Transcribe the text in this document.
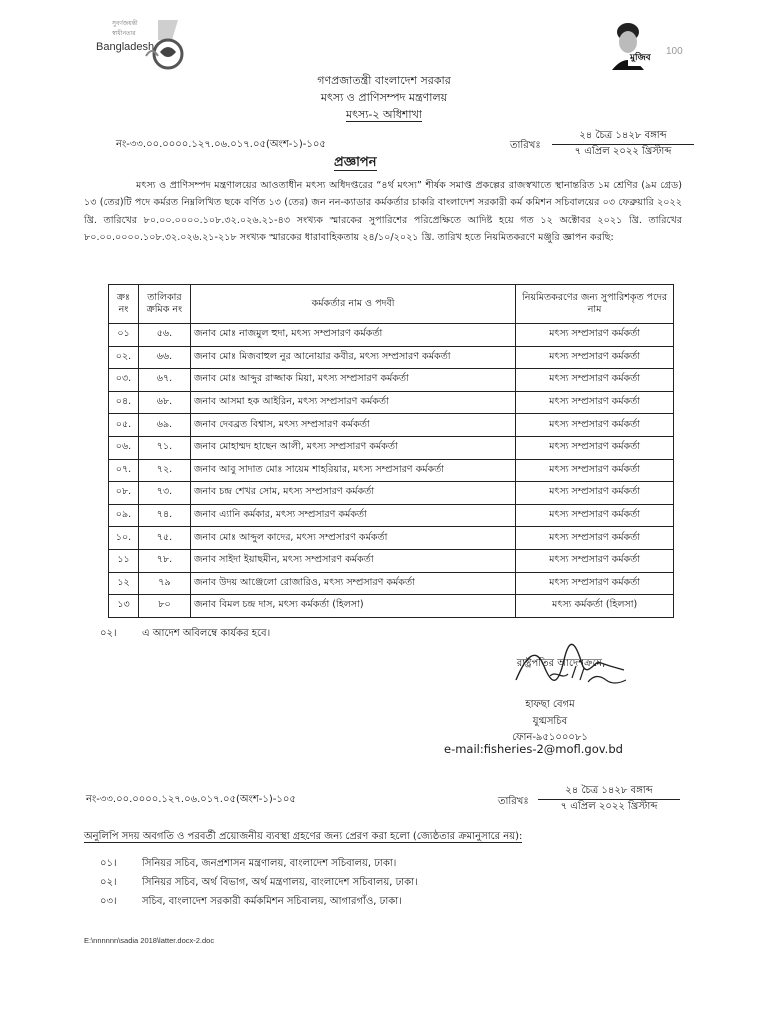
সুবর্ণজয়ন্তী
স্বাধীনতার
Bangladesh	100
মুজিব
গণপ্রজাতন্ত্রী বাংলাদেশ সরকার
মৎস্য ও প্রাণিসম্পদ মন্ত্রণালয়
মৎস্য-২ অধিশাখা
নং-৩৩.০০.০০০০.১২৭.০৬.০১৭.০৫(অংশ-১)-১০৫	তারিখঃ
২৪ চৈত্র ১৪২৮ বঙ্গাব্দ
৭ এপ্রিল ২০২২ খ্রিস্টাব্দ
প্রজ্ঞাপন
মৎস্য ও প্রাণিসম্পদ মন্ত্রণালয়ের আওতাধীন মৎস্য অধিদপ্তরের “৪র্থ মৎস্য” শীর্ষক সমাপ্ত প্রকল্পের রাজস্বখাতে স্থানান্তরিত ১ম শ্রেণির (৯ম গ্রেড) ১৩ (তের)টি পদে কর্মরত নিম্নলিখিত ছকে বর্ণিত ১৩ (তের) জন নন-ক্যাডার কর্মকর্তার চাকরি বাংলাদেশ সরকারী কর্ম কমিশন সচিবালয়ের ০৩ ফেব্রুয়ারি ২০২২ খ্রি. তারিখের ৮০.০০.০০০০.১০৮.৩২.০২৬.২১-৪৩ সংখ্যক স্মারকের সুপারিশের পরিপ্রেক্ষিতে আদিষ্ট হয়ে গত ১২ অক্টোবর ২০২১ খ্রি. তারিখের ৮০.০০.০০০০.১০৮.৩২.০২৬.২১-২১৮ সংখ্যক স্মারকের ধারাবাহিকতায় ২৪/১০/২০২১ খ্রি. তারিখ হতে নিয়মিতকরণে মঞ্জুরি জ্ঞাপন করছি:
ক্রঃ নং	তালিকার ক্রমিক নং	কর্মকর্তার নাম ও পদবী	নিয়মিতকরণের জন্য সুপারিশকৃত পদের নাম
০১	৫৬.	জনাব মোঃ নাজমুল হুদা, মৎস্য সম্প্রসারণ কর্মকর্তা	মৎস্য সম্প্রসারণ কর্মকর্তা
০২.	৬৬.	জনাব মোঃ মিজবাহুল নুর আনোয়ার কবীর, মৎস্য সম্প্রসারণ কর্মকর্তা	মৎস্য সম্প্রসারণ কর্মকর্তা
০৩.	৬৭.	জনাব মোঃ আব্দুর রাজ্জাক মিয়া, মৎস্য সম্প্রসারণ কর্মকর্তা	মৎস্য সম্প্রসারণ কর্মকর্তা
০৪.	৬৮.	জনাব আসমা হক আইরিন, মৎস্য সম্প্রসারণ কর্মকর্তা	মৎস্য সম্প্রসারণ কর্মকর্তা
০৫.	৬৯.	জনাব দেবব্রত বিশ্বাস, মৎস্য সম্প্রসারণ কর্মকর্তা	মৎস্য সম্প্রসারণ কর্মকর্তা
০৬.	৭১.	জনাব মোহাম্মদ হাছেন আলী, মৎস্য সম্প্রসারণ কর্মকর্তা	মৎস্য সম্প্রসারণ কর্মকর্তা
০৭.	৭২.	জনাব আবু সাদাত মোঃ সায়েম শাহরিয়ার, মৎস্য সম্প্রসারণ কর্মকর্তা	মৎস্য সম্প্রসারণ কর্মকর্তা
০৮.	৭৩.	জনাব চন্দ্র শেখর সোম, মৎস্য সম্প্রসারণ কর্মকর্তা	মৎস্য সম্প্রসারণ কর্মকর্তা
০৯.	৭৪.	জনাব এ্যানি কর্মকার, মৎস্য সম্প্রসারণ কর্মকর্তা	মৎস্য সম্প্রসারণ কর্মকর্তা
১০.	৭৫.	জনাব মোঃ আব্দুল কাদের, মৎস্য সম্প্রসারণ কর্মকর্তা	মৎস্য সম্প্রসারণ কর্মকর্তা
১১	৭৮.	জনাব সাইদা ইয়াছমীন, মৎস্য সম্প্রসারণ কর্মকর্তা	মৎস্য সম্প্রসারণ কর্মকর্তা
১২	৭৯	জনাব উদয় আঞ্জেলো রোজারিও, মৎস্য সম্প্রসারণ কর্মকর্তা	মৎস্য সম্প্রসারণ কর্মকর্তা
১৩	৮০	জনাব বিমল চন্দ্র দাস, মৎস্য কর্মকর্তা (হিলসা)	মৎস্য কর্মকর্তা (হিলসা)
০২।	এ আদেশ অবিলম্বে কার্যকর হবে।
রাষ্ট্রপতির আদেশক্রমে,
হাফছা বেগম
যুগ্মসচিব
ফোন-৯৫১০০০৮১
e-mail:fisheries-2@mofl.gov.bd
নং-৩৩.০০.০০০০.১২৭.০৬.০১৭.০৫(অংশ-১)-১০৫	তারিখঃ
২৪ চৈত্র ১৪২৮ বঙ্গাব্দ
৭ এপ্রিল ২০২২ খ্রিস্টাব্দ
অনুলিপি সদয় অবগতি ও পরবর্তী প্রয়োজনীয় ব্যবস্থা গ্রহণের জন্য প্রেরণ করা হলো (জ্যেষ্ঠতার ক্রমানুসারে নয়):
০১।	সিনিয়র সচিব, জনপ্রশাসন মন্ত্রণালয়, বাংলাদেশ সচিবালয়, ঢাকা।
০২।	সিনিয়র সচিব, অর্থ বিভাগ, অর্থ মন্ত্রণালয়, বাংলাদেশ সচিবালয়, ঢাকা।
০৩।	সচিব, বাংলাদেশ সরকারী কর্মকমিশন সচিবালয়, আগারগাঁও, ঢাকা।
E:\nnnnnn\sadia 2018\latter.docx-2.doc
